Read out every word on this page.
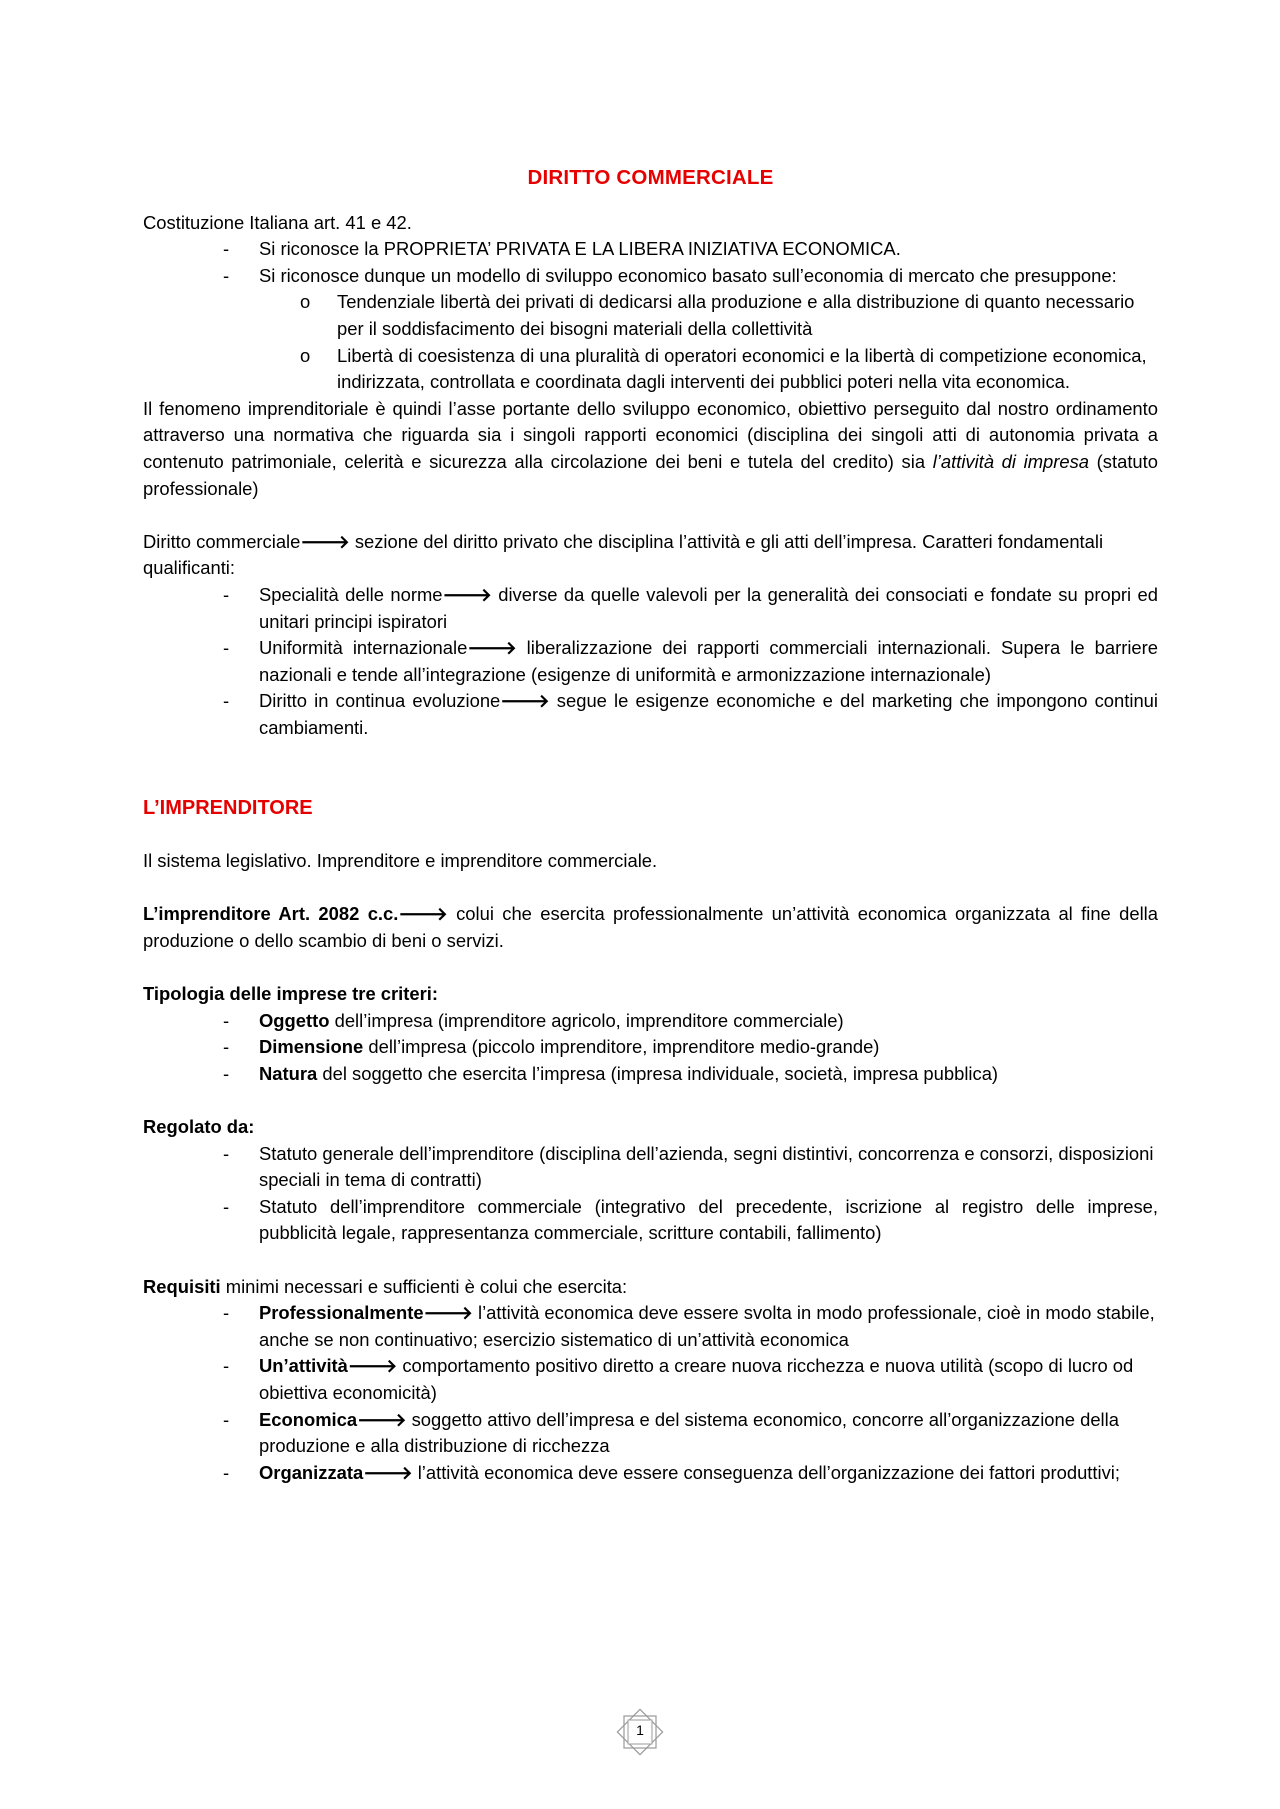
DIRITTO COMMERCIALE

Costituzione Italiana art. 41 e 42.

- Si riconosce la PROPRIETA’ PRIVATA E LA LIBERA INIZIATIVA ECONOMICA.
- Si riconosce dunque un modello di sviluppo economico basato sull’economia di mercato che presuppone:
o Tendenziale libertà dei privati di dedicarsi alla produzione e alla distribuzione di quanto necessario per il soddisfacimento dei bisogni materiali della collettività
o Libertà di coesistenza di una pluralità di operatori economici e la libertà di competizione economica, indirizzata, controllata e coordinata dagli interventi dei pubblici poteri nella vita economica.

Il fenomeno imprenditoriale è quindi l’asse portante dello sviluppo economico, obiettivo perseguito dal nostro ordinamento attraverso una normativa che riguarda sia i singoli rapporti economici (disciplina dei singoli atti di autonomia privata a contenuto patrimoniale, celerità e sicurezza alla circolazione dei beni e tutela del credito) sia l’attività di impresa (statuto professionale)

Diritto commerciale🡒 sezione del diritto privato che disciplina l’attività e gli atti dell’impresa. Caratteri fondamentali qualificanti:

- Specialità delle norme🡒 diverse da quelle valevoli per la generalità dei consociati e fondate su propri ed unitari principi ispiratori
- Uniformità internazionale🡒 liberalizzazione dei rapporti commerciali internazionali. Supera le barriere nazionali e tende all’integrazione (esigenze di uniformità e armonizzazione internazionale)
- Diritto in continua evoluzione🡒 segue le esigenze economiche e del marketing che impongono continui cambiamenti.
L’IMPRENDITORE

Il sistema legislativo. Imprenditore e imprenditore commerciale.

L’imprenditore Art. 2082 c.c.🡒 colui che esercita professionalmente un’attività economica organizzata al fine della produzione o dello scambio di beni o servizi.

Tipologia delle imprese tre criteri:

- Oggetto dell’impresa (imprenditore agricolo, imprenditore commerciale)
- Dimensione dell’impresa (piccolo imprenditore, imprenditore medio-grande)
- Natura del soggetto che esercita l’impresa (impresa individuale, società, impresa pubblica)

Regolato da:

- Statuto generale dell’imprenditore (disciplina dell’azienda, segni distintivi, concorrenza e consorzi, disposizioni speciali in tema di contratti)
- Statuto dell’imprenditore commerciale (integrativo del precedente, iscrizione al registro delle imprese, pubblicità legale, rappresentanza commerciale, scritture contabili, fallimento)

Requisiti minimi necessari e sufficienti è colui che esercita:

- Professionalmente🡒 l’attività economica deve essere svolta in modo professionale, cioè in modo stabile, anche se non continuativo; esercizio sistematico di un’attività economica
- Un’attività🡒 comportamento positivo diretto a creare nuova ricchezza e nuova utilità (scopo di lucro od obiettiva economicità)
- Economica🡒 soggetto attivo dell’impresa e del sistema economico, concorre all’organizzazione della produzione e alla distribuzione di ricchezza
- Organizzata🡒 l’attività economica deve essere conseguenza dell’organizzazione dei fattori produttivi;
1
